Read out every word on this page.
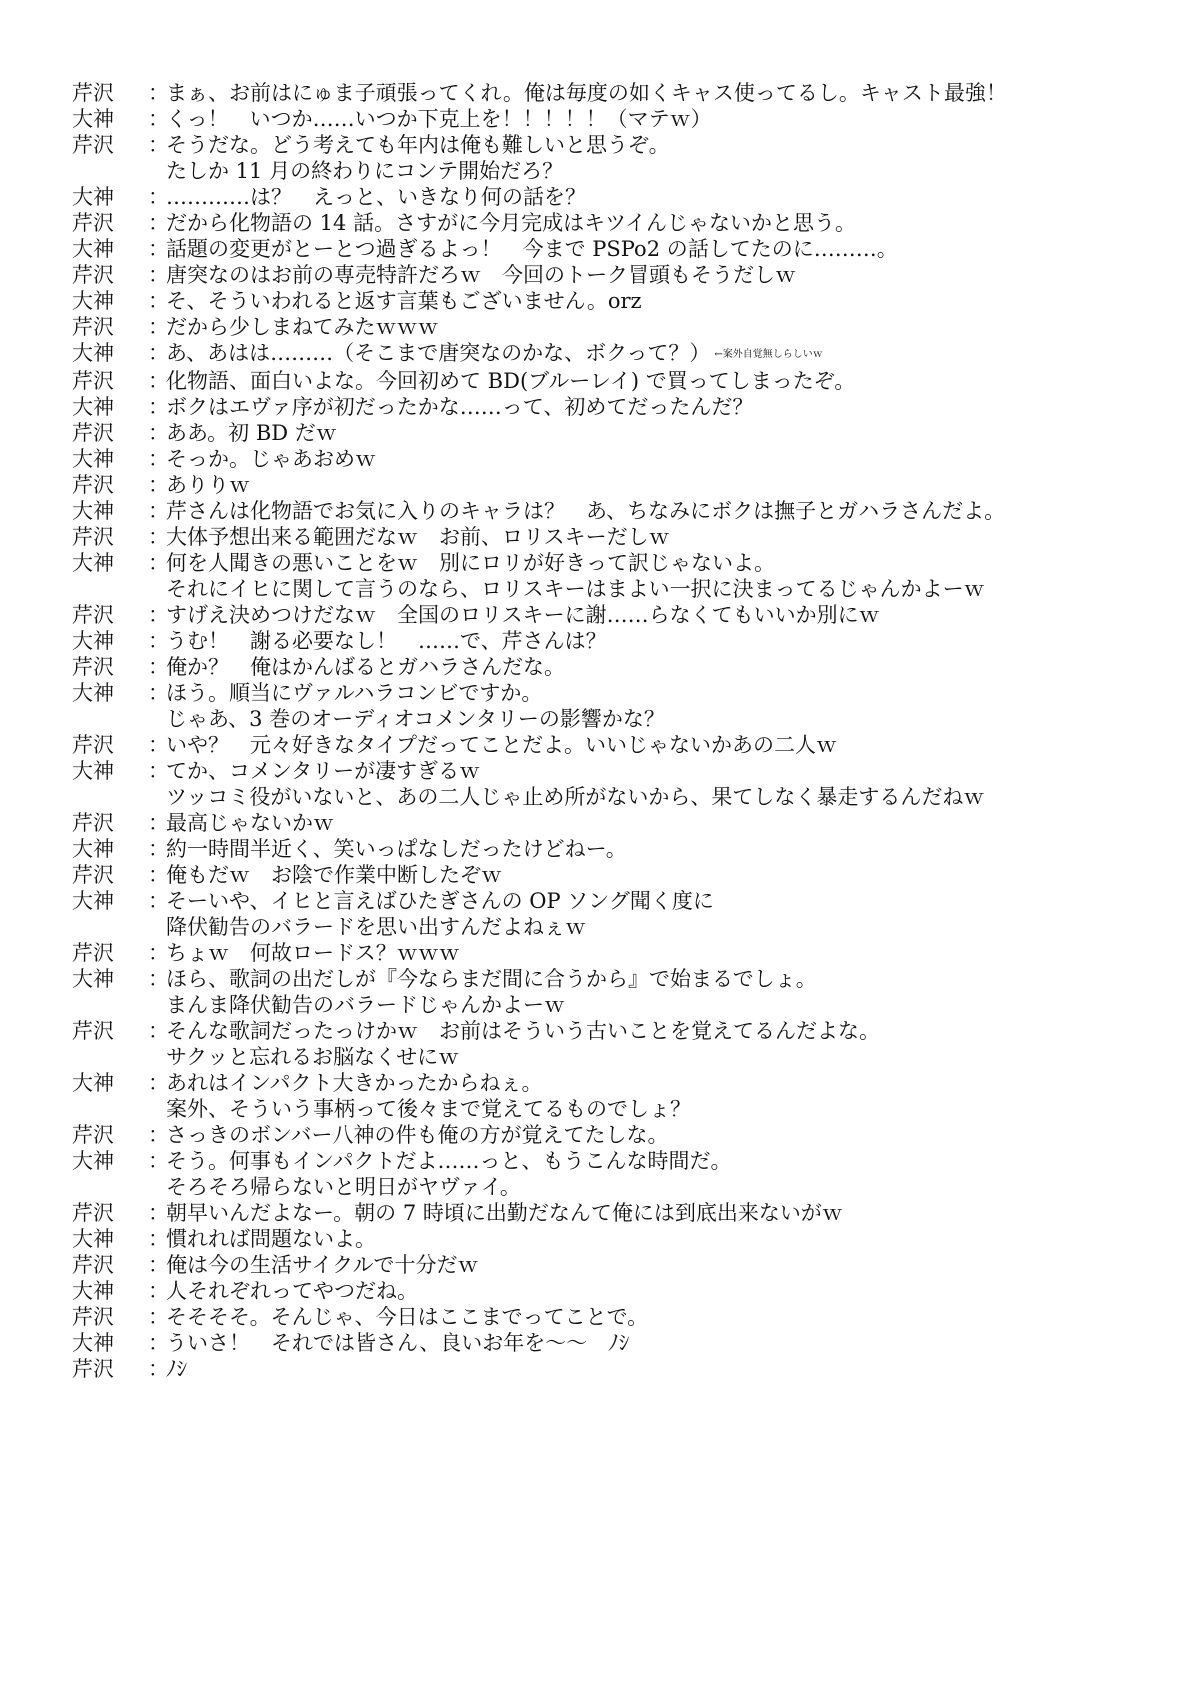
芹沢	：
まぁ、お前はにゅま子頑張ってくれ。俺は毎度の如くキャス使ってるし。キャスト最強！
大神	：
くっ！　いつか……いつか下克上を！！！！！（マテｗ）
芹沢	：
そうだな。どう考えても年内は俺も難しいと思うぞ。
たしか 11 月の終わりにコンテ開始だろ？
大神	：
…………は？　えっと、いきなり何の話を？
芹沢	：
だから化物語の 14 話。さすがに今月完成はキツイんじゃないかと思う。
大神	：
話題の変更がとーとつ過ぎるよっ！　今まで PSPo2 の話してたのに………。
芹沢	：
唐突なのはお前の専売特許だろｗ　今回のトーク冒頭もそうだしｗ
大神	：
そ、そういわれると返す言葉もございません。orz
芹沢	：
だから少しまねてみたｗｗｗ
大神	：
あ、あはは………（そこまで唐突なのかな、ボクって？） ←案外自覚無しらしいｗ
芹沢	：
化物語、面白いよな。今回初めて BD(ブルーレイ) で買ってしまったぞ。
大神	：
ボクはエヴァ序が初だったかな……って、初めてだったんだ？
芹沢	：
ああ。初 BD だｗ
大神	：
そっか。じゃあおめｗ
芹沢	：
ありりｗ
大神	：
芹さんは化物語でお気に入りのキャラは？　あ、ちなみにボクは撫子とガハラさんだよ。
芹沢	：
大体予想出来る範囲だなｗ　お前、ロリスキーだしｗ
大神	：
何を人聞きの悪いことをｗ　別にロリが好きって訳じゃないよ。
それにイヒに関して言うのなら、ロリスキーはまよい一択に決まってるじゃんかよーｗ
芹沢	：
すげえ決めつけだなｗ　全国のロリスキーに謝……らなくてもいいか別にｗ
大神	：
うむ！　謝る必要なし！　……で、芹さんは？
芹沢	：
俺か？　俺はかんばるとガハラさんだな。
大神	：
ほう。順当にヴァルハラコンビですか。
じゃあ、3 巻のオーディオコメンタリーの影響かな？
芹沢	：
いや？　元々好きなタイプだってことだよ。いいじゃないかあの二人ｗ
大神	：
てか、コメンタリーが凄すぎるｗ
ツッコミ役がいないと、あの二人じゃ止め所がないから、果てしなく暴走するんだねｗ
芹沢	：
最高じゃないかｗ
大神	：
約一時間半近く、笑いっぱなしだったけどねー。
芹沢	：
俺もだｗ　お陰で作業中断したぞｗ
大神	：
そーいや、イヒと言えばひたぎさんの OP ソング聞く度に
降伏勧告のバラードを思い出すんだよねぇｗ
芹沢	：
ちょｗ　何故ロードス？ｗｗｗ
大神	：
ほら、歌詞の出だしが『今ならまだ間に合うから』で始まるでしょ。
まんま降伏勧告のバラードじゃんかよーｗ
芹沢	：
そんな歌詞だったっけかｗ　お前はそういう古いことを覚えてるんだよな。
サクッと忘れるお脳なくせにｗ
大神	：
あれはインパクト大きかったからねぇ。
案外、そういう事柄って後々まで覚えてるものでしょ？
芹沢	：
さっきのボンバー八神の件も俺の方が覚えてたしな。
大神	：
そう。何事もインパクトだよ……っと、もうこんな時間だ。
そろそろ帰らないと明日がヤヴァイ。
芹沢	：
朝早いんだよなー。朝の 7 時頃に出勤だなんて俺には到底出来ないがｗ
大神	：
慣れれば問題ないよ。
芹沢	：
俺は今の生活サイクルで十分だｗ
大神	：
人それぞれってやつだね。
芹沢	：
そそそそ。そんじゃ、今日はここまでってことで。
大神	：
ういさ！　それでは皆さん、良いお年を～～　ﾉｼ
芹沢	：
ﾉｼ
